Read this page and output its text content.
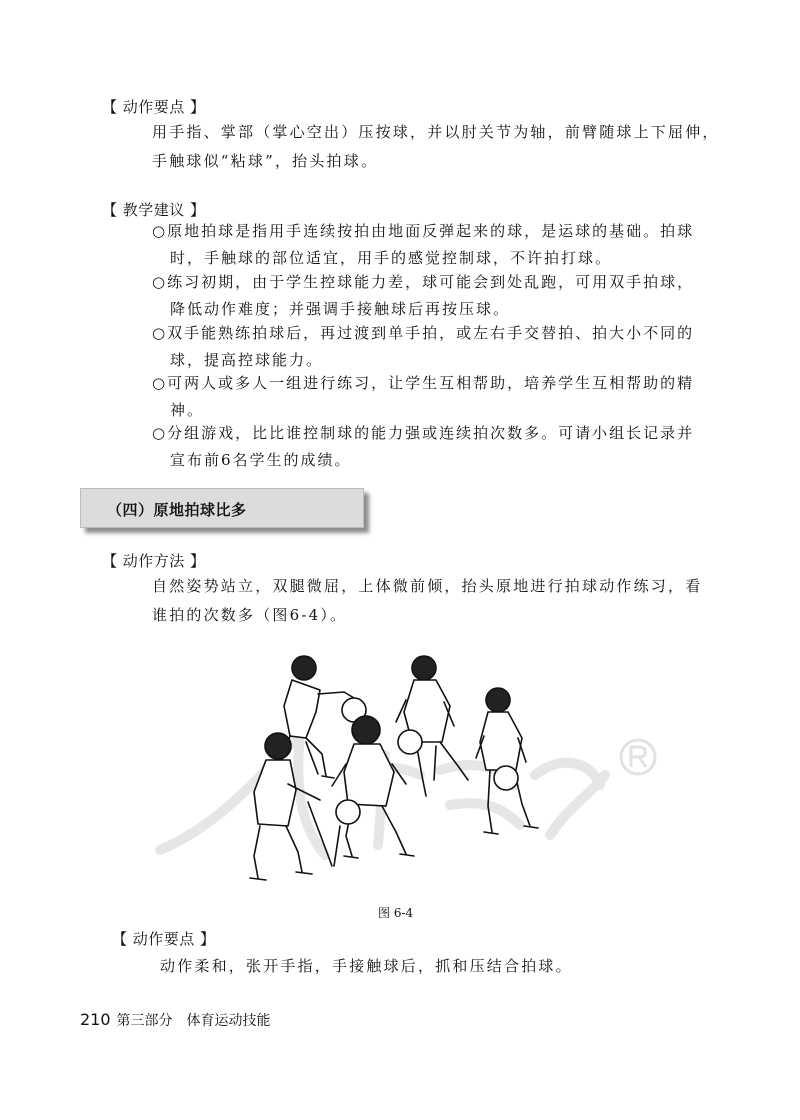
【 动作要点 】

用手指、掌部（掌心空出）压按球，并以肘关节为轴，前臂随球上下屈伸，

手触球似“粘球”，抬头拍球。

【 教学建议 】

○原地拍球是指用手连续按拍由地面反弹起来的球，是运球的基础。拍球时，手触球的部位适宜，用手的感觉控制球，不许拍打球。

○练习初期，由于学生控球能力差，球可能会到处乱跑，可用双手拍球，降低动作难度；并强调手接触球后再按压球。

○双手能熟练拍球后，再过渡到单手拍，或左右手交替拍、拍大小不同的球，提高控球能力。

○可两人或多人一组进行练习，让学生互相帮助，培养学生互相帮助的精神。

○分组游戏，比比谁控制球的能力强或连续拍次数多。可请小组长记录并宣布前6名学生的成绩。

（四）原地拍球比多
【 动作方法 】

自然姿势站立，双腿微屈，上体微前倾，抬头原地进行拍球动作练习，看

谁拍的次数多（图6-4）。

图 6-4
【 动作要点 】

动作柔和，张开手指，手接触球后，抓和压结合拍球。

210 第三部分　体育运动技能
